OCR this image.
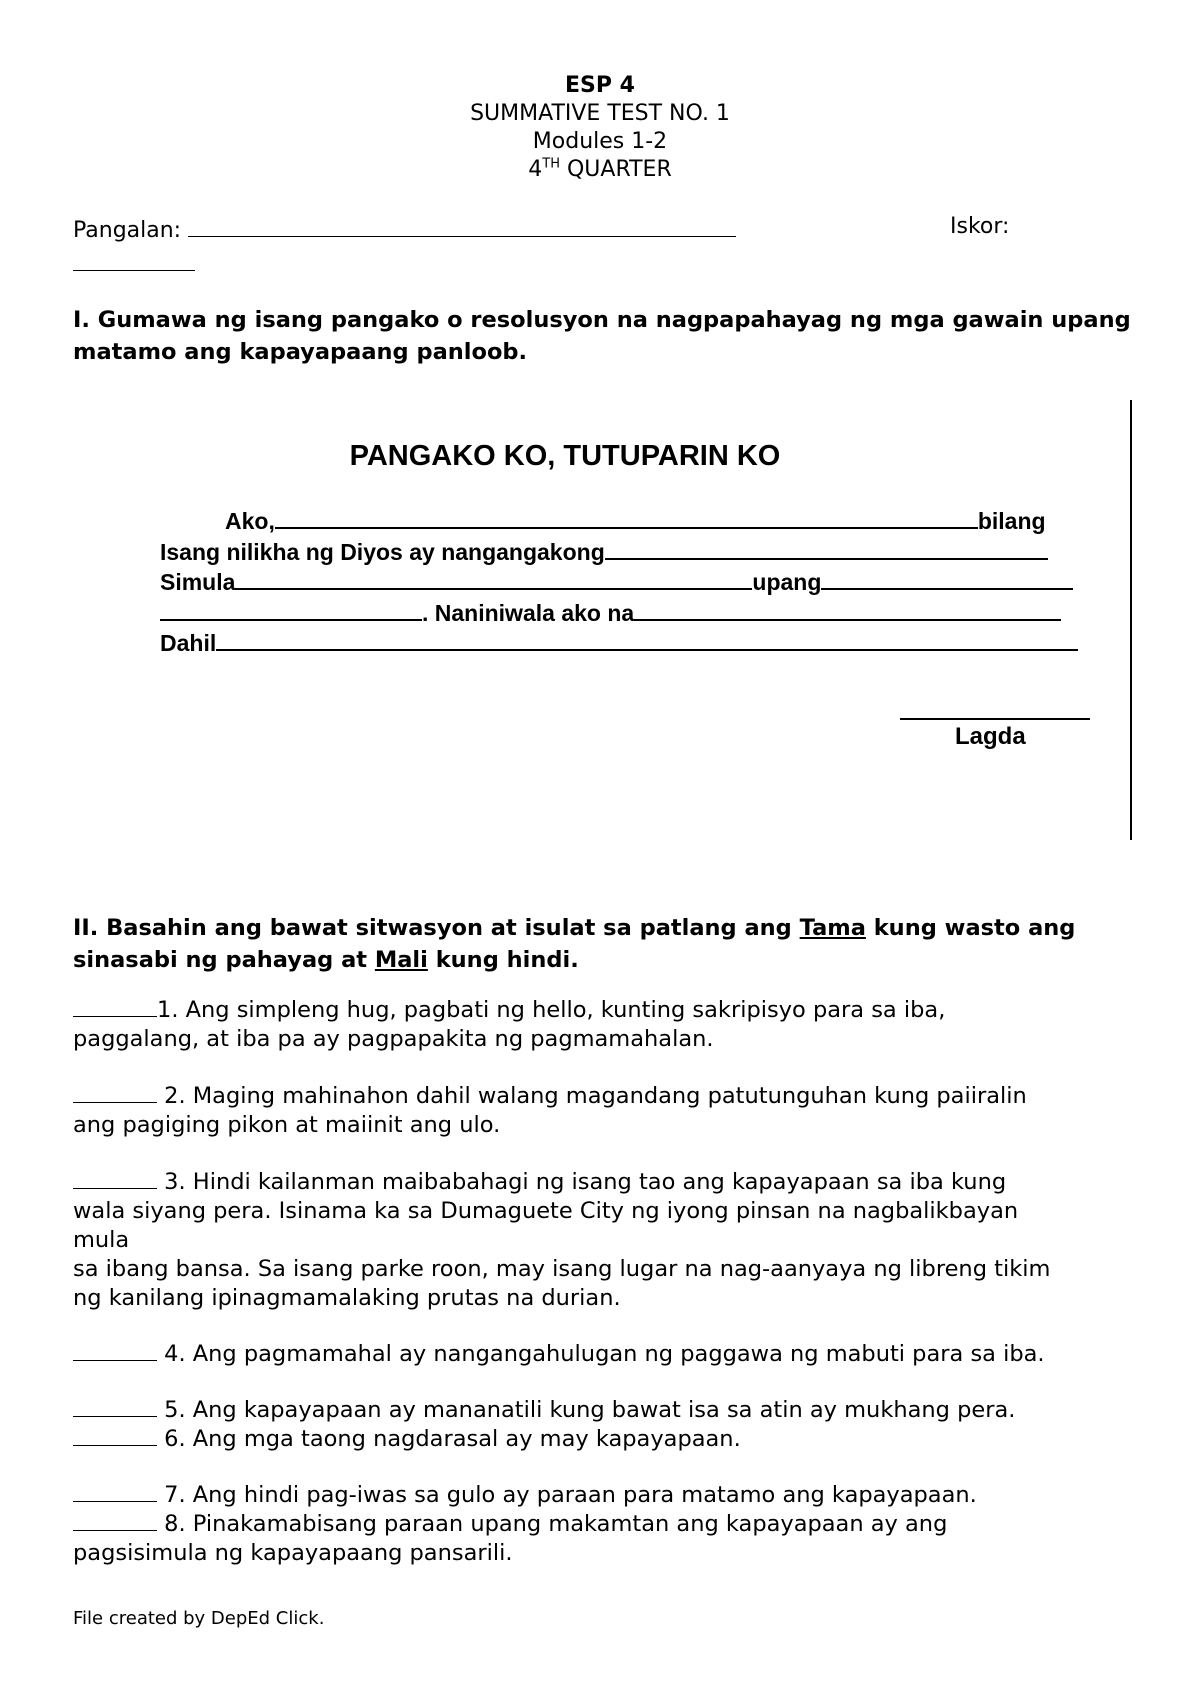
ESP 4
SUMMATIVE TEST NO. 1
Modules 1-2
4TH QUARTER
Pangalan:	Iskor:
I. Gumawa ng isang pangako o resolusyon na nagpapahayag ng mga gawain upang matamo ang kapayapaang panloob.
PANGAKO KO, TUTUPARIN KO
Ako,	bilang
Isang nilikha ng Diyos ay nangangakong
Simula	upang
. Naniniwala ako na
Dahil
Lagda
II. Basahin ang bawat sitwasyon at isulat sa patlang ang Tama kung wasto ang sinasabi ng pahayag at Mali kung hindi.
1. Ang simpleng hug, pagbati ng hello, kunting sakripisyo para sa iba,
paggalang, at iba pa ay pagpapakita ng pagmamahalan.
2. Maging mahinahon dahil walang magandang patutunguhan kung paiiralin
ang pagiging pikon at maiinit ang ulo.
3. Hindi kailanman maibabahagi ng isang tao ang kapayapaan sa iba kung
wala siyang pera. Isinama ka sa Dumaguete City ng iyong pinsan na nagbalikbayan
mula
sa ibang bansa. Sa isang parke roon, may isang lugar na nag-aanyaya ng libreng tikim
ng kanilang ipinagmamalaking prutas na durian.
4. Ang pagmamahal ay nangangahulugan ng paggawa ng mabuti para sa iba.
5. Ang kapayapaan ay mananatili kung bawat isa sa atin ay mukhang pera.
6. Ang mga taong nagdarasal ay may kapayapaan.
7. Ang hindi pag-iwas sa gulo ay paraan para matamo ang kapayapaan.
8. Pinakamabisang paraan upang makamtan ang kapayapaan ay ang
pagsisimula ng kapayapaang pansarili.
File created by DepEd Click.
